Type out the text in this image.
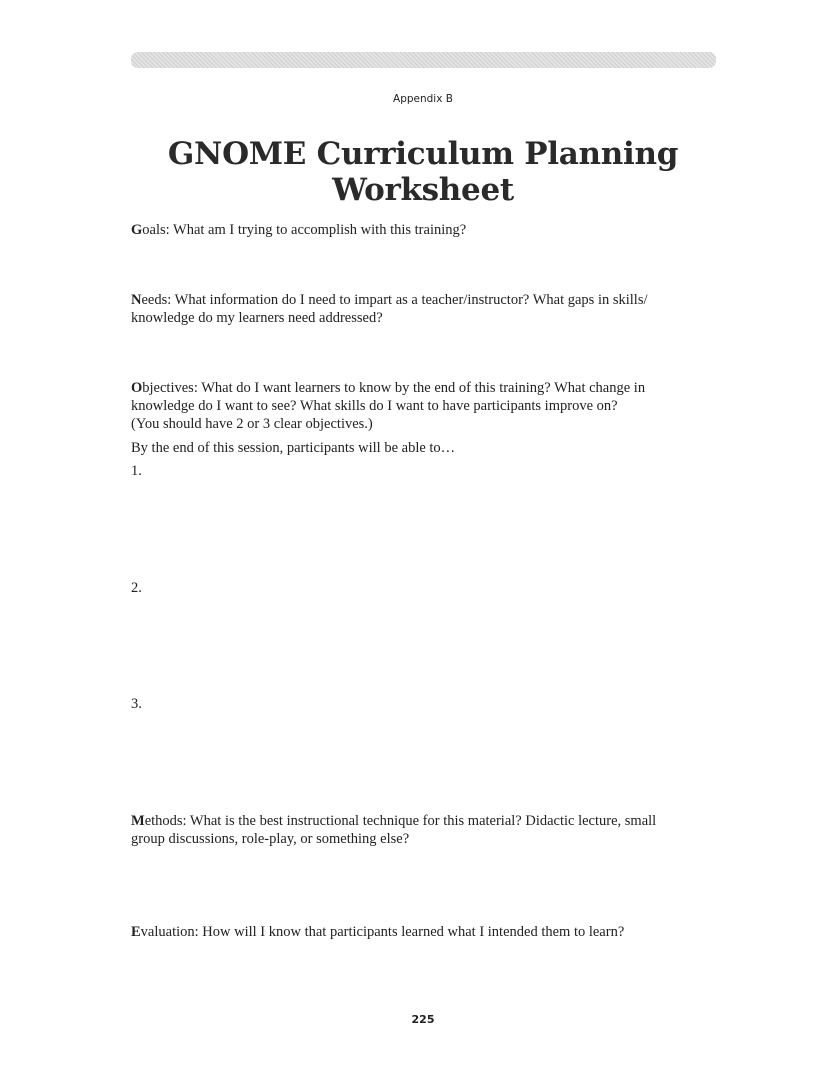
Appendix B
GNOME Curriculum Planning Worksheet

Goals: What am I trying to accomplish with this training?

Needs: What information do I need to impart as a teacher/instructor? What gaps in skills/
knowledge do my learners need addressed?

Objectives: What do I want learners to know by the end of this training? What change in
knowledge do I want to see? What skills do I want to have participants improve on?
(You should have 2 or 3 clear objectives.)

By the end of this session, participants will be able to…

1.
2.
3.

Methods: What is the best instructional technique for this material? Didactic lecture, small
group discussions, role-play, or something else?

Evaluation: How will I know that participants learned what I intended them to learn?

225
